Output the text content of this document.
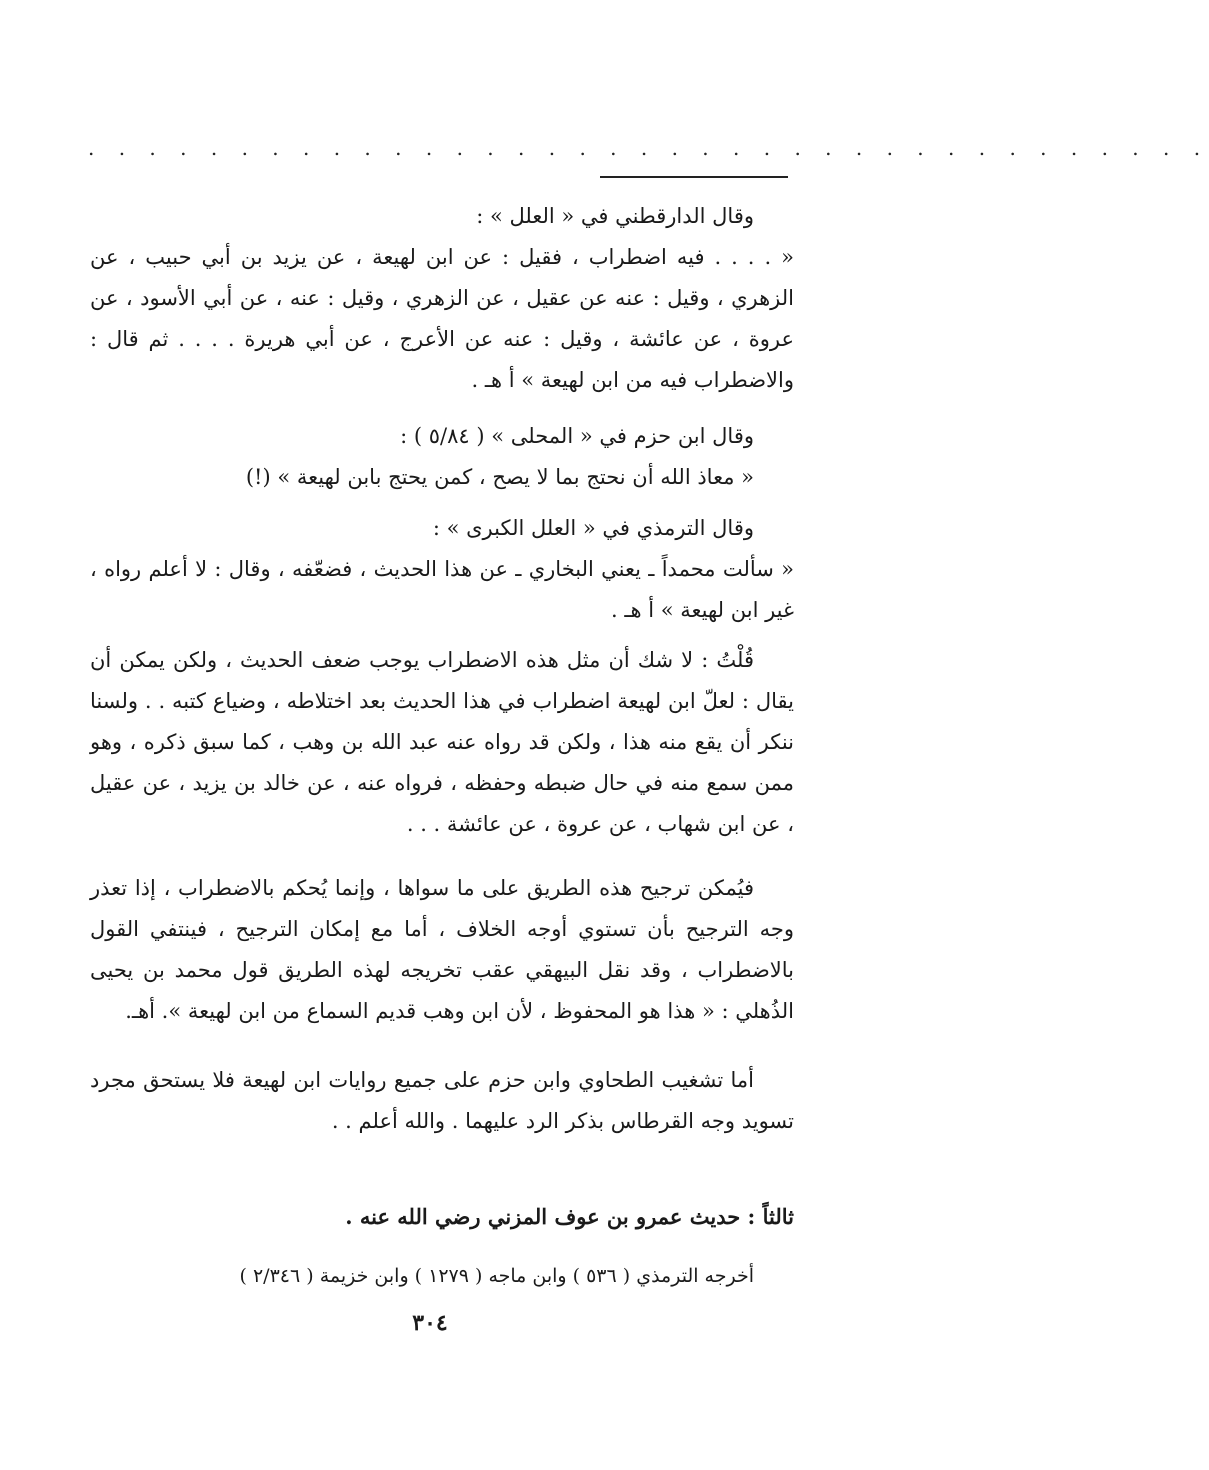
. . . . . . . . . . . . . . . . . . . . . . . . . . . . . . . . . . . . .

وقال الدارقطني في « العلل » :

« . . . . فيه اضطراب ، فقيل : عن ابن لهيعة ، عن يزيد بن أبي حبيب ، عن الزهري ، وقيل : عنه عن عقيل ، عن الزهري ، وقيل : عنه ، عن أبي الأسود ، عن عروة ، عن عائشة ، وقيل : عنه عن الأعرج ، عن أبي هريرة . . . . ثم قال : والاضطراب فيه من ابن لهيعة » أ هـ .

وقال ابن حزم في « المحلى » ( ٥/٨٤ ) :

« معاذ الله أن نحتج بما لا يصح ، كمن يحتج بابن لهيعة » (!)

وقال الترمذي في « العلل الكبرى » :

« سألت محمداً ـ يعني البخاري ـ عن هذا الحديث ، فضعّفه ، وقال : لا أعلم رواه ، غير ابن لهيعة » أ هـ .

قُلْتُ : لا شك أن مثل هذه الاضطراب يوجب ضعف الحديث ، ولكن يمكن أن يقال : لعلّ ابن لهيعة اضطراب في هذا الحديث بعد اختلاطه ، وضياع كتبه . . ولسنا ننكر أن يقع منه هذا ، ولكن قد رواه عنه عبد الله بن وهب ، كما سبق ذكره ، وهو ممن سمع منه في حال ضبطه وحفظه ، فرواه عنه ، عن خالد بن يزيد ، عن عقيل ، عن ابن شهاب ، عن عروة ، عن عائشة . . .

فيُمكن ترجيح هذه الطريق على ما سواها ، وإنما يُحكم بالاضطراب ، إذا تعذر وجه الترجيح بأن تستوي أوجه الخلاف ، أما مع إمكان الترجيح ، فينتفي القول بالاضطراب ، وقد نقل البيهقي عقب تخريجه لهذه الطريق قول محمد بن يحيى الذُهلي : « هذا هو المحفوظ ، لأن ابن وهب قديم السماع من ابن لهيعة ». أهـ.

أما تشغيب الطحاوي وابن حزم على جميع روايات ابن لهيعة فلا يستحق مجرد تسويد وجه القرطاس بذكر الرد عليهما . والله أعلم . .

ثالثاً : حديث عمرو بن عوف المزني رضي الله عنه .

أخرجه الترمذي ( ٥٣٦ ) وابن ماجه ( ١٢٧٩ ) وابن خزيمة ( ٢/٣٤٦ )

٣٠٤
